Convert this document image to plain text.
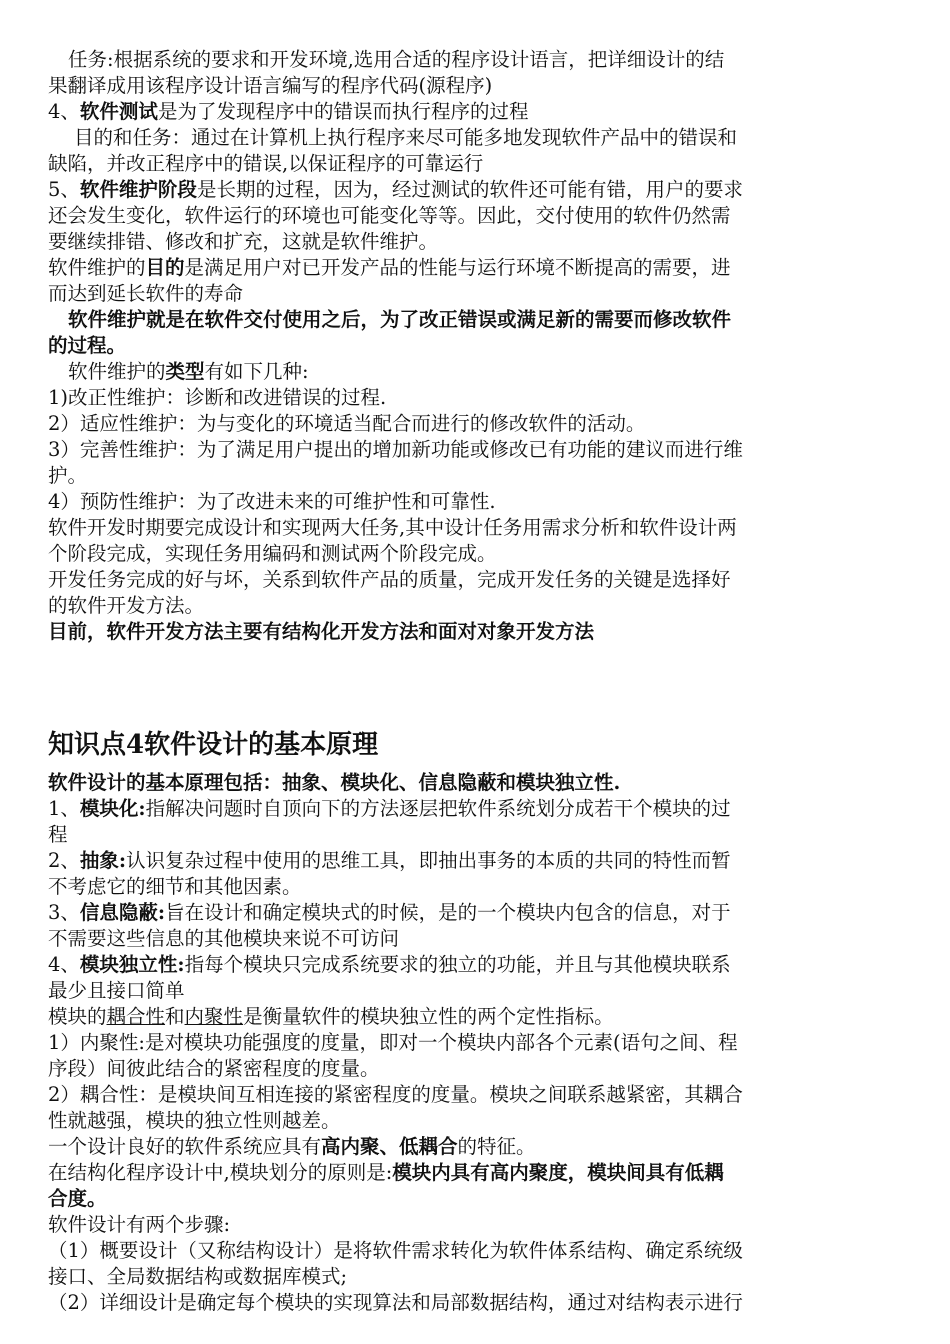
任务:根据系统的要求和开发环境,选用合适的程序设计语言，把详细设计的结
果翻译成用该程序设计语言编写的程序代码(源程序)
4、软件测试是为了发现程序中的错误而执行程序的过程
目的和任务：通过在计算机上执行程序来尽可能多地发现软件产品中的错误和
缺陷，并改正程序中的错误,以保证程序的可靠运行
5、软件维护阶段是长期的过程，因为，经过测试的软件还可能有错，用户的要求
还会发生变化，软件运行的环境也可能变化等等。因此，交付使用的软件仍然需
要继续排错、修改和扩充，这就是软件维护。
软件维护的目的是满足用户对已开发产品的性能与运行环境不断提高的需要，进
而达到延长软件的寿命
软件维护就是在软件交付使用之后，为了改正错误或满足新的需要而修改软件
的过程。
软件维护的类型有如下几种:
1)改正性维护：诊断和改进错误的过程.
2）适应性维护：为与变化的环境适当配合而进行的修改软件的活动。
3）完善性维护：为了满足用户提出的增加新功能或修改已有功能的建议而进行维
护。
4）预防性维护：为了改进未来的可维护性和可靠性.
软件开发时期要完成设计和实现两大任务,其中设计任务用需求分析和软件设计两
个阶段完成，实现任务用编码和测试两个阶段完成。
开发任务完成的好与坏，关系到软件产品的质量，完成开发任务的关键是选择好
的软件开发方法。
目前，软件开发方法主要有结构化开发方法和面对对象开发方法
知识点4软件设计的基本原理
软件设计的基本原理包括：抽象、模块化、信息隐蔽和模块独立性.
1、模块化:指解决问题时自顶向下的方法逐层把软件系统划分成若干个模块的过
程
2、抽象:认识复杂过程中使用的思维工具，即抽出事务的本质的共同的特性而暂
不考虑它的细节和其他因素。
3、信息隐蔽:旨在设计和确定模块式的时候，是的一个模块内包含的信息，对于
不需要这些信息的其他模块来说不可访问
4、模块独立性:指每个模块只完成系统要求的独立的功能，并且与其他模块联系
最少且接口简单
模块的耦合性和内聚性是衡量软件的模块独立性的两个定性指标。
1）内聚性:是对模块功能强度的度量，即对一个模块内部各个元素(语句之间、程
序段）间彼此结合的紧密程度的度量。
2）耦合性：是模块间互相连接的紧密程度的度量。模块之间联系越紧密，其耦合
性就越强，模块的独立性则越差。
一个设计良好的软件系统应具有高内聚、低耦合的特征。
在结构化程序设计中,模块划分的原则是:模块内具有高内聚度，模块间具有低耦
合度。
软件设计有两个步骤:
（1）概要设计（又称结构设计）是将软件需求转化为软件体系结构、确定系统级
接口、全局数据结构或数据库模式;
（2）详细设计是确定每个模块的实现算法和局部数据结构，通过对结构表示进行
